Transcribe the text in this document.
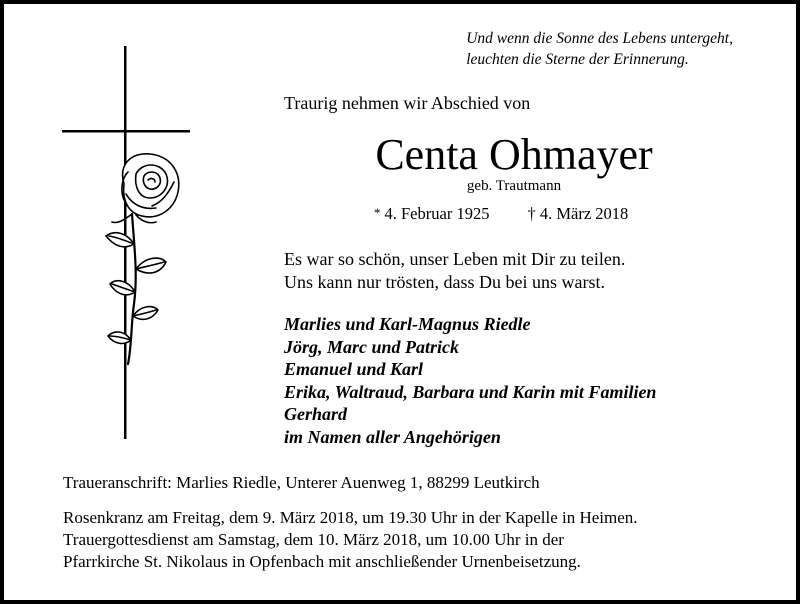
Und wenn die Sonne des Lebens untergeht,
leuchten die Sterne der Erinnerung.
Traurig nehmen wir Abschied von
Centa Ohmayer
geb. Trautmann
* 4. Februar 1925 † 4. März 2018
Es war so schön, unser Leben mit Dir zu teilen.
Uns kann nur trösten, dass Du bei uns warst.
Marlies und Karl-Magnus Riedle
Jörg, Marc und Patrick
Emanuel und Karl
Erika, Waltraud, Barbara und Karin mit Familien
Gerhard
im Namen aller Angehörigen
Traueranschrift: Marlies Riedle, Unterer Auenweg 1, 88299 Leutkirch
Rosenkranz am Freitag, dem 9. März 2018, um 19.30 Uhr in der Kapelle in Heimen.
Trauergottesdienst am Samstag, dem 10. März 2018, um 10.00 Uhr in der
Pfarrkirche St. Nikolaus in Opfenbach mit anschließender Urnenbeisetzung.
